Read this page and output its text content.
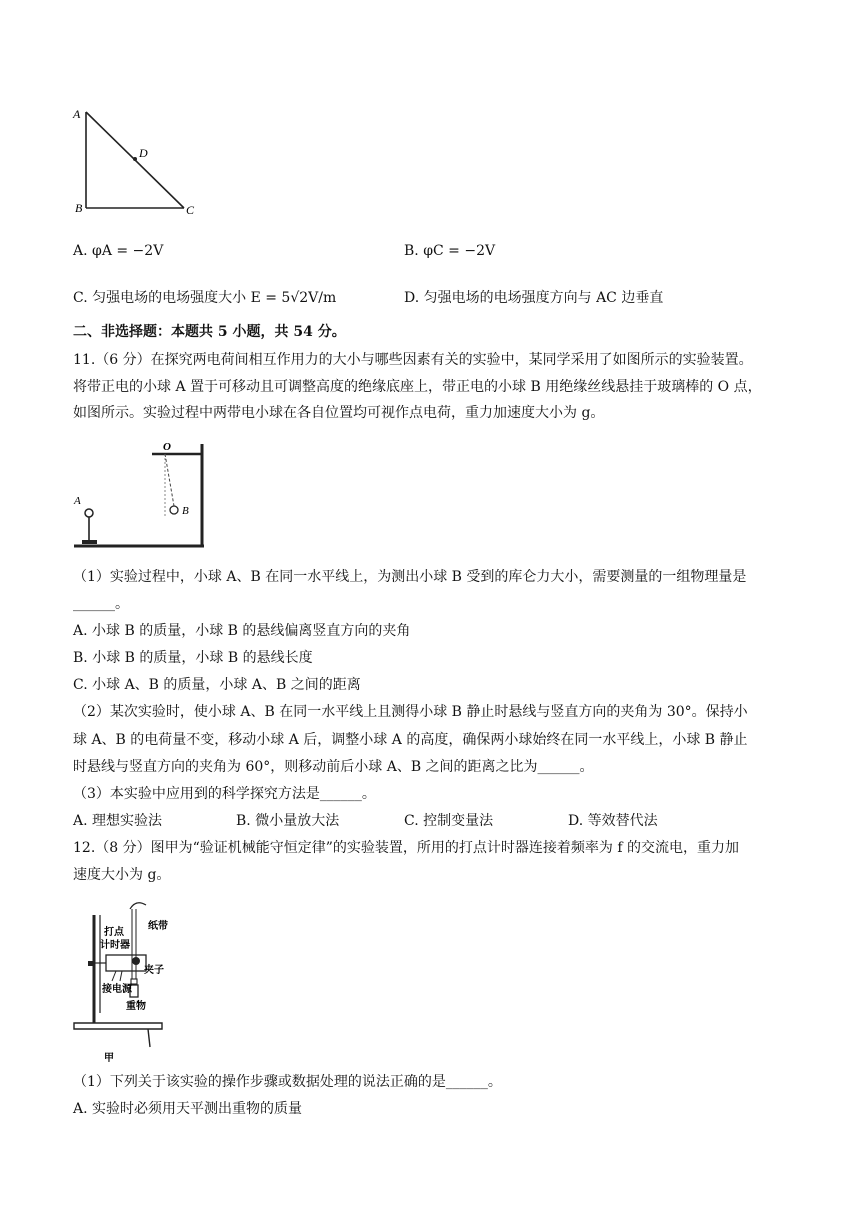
A
B	C
D
A. φA = −2V	B. φC = −2V
C. 匀强电场的电场强度大小 E = 5√2V/m	D. 匀强电场的电场强度方向与 AC 边垂直
二、非选择题：本题共 5 小题，共 54 分。
11.（6 分）在探究两电荷间相互作用力的大小与哪些因素有关的实验中，某同学采用了如图所示的实验装置。
将带正电的小球 A 置于可移动且可调整高度的绝缘底座上，带正电的小球 B 用绝缘丝线悬挂于玻璃棒的 O 点，
如图所示。实验过程中两带电小球在各自位置均可视作点电荷，重力加速度大小为 g。
O
A
B
（1）实验过程中，小球 A、B 在同一水平线上，为测出小球 B 受到的库仑力大小，需要测量的一组物理量是
______。
A. 小球 B 的质量，小球 B 的悬线偏离竖直方向的夹角
B. 小球 B 的质量，小球 B 的悬线长度
C. 小球 A、B 的质量，小球 A、B 之间的距离
（2）某次实验时，使小球 A、B 在同一水平线上且测得小球 B 静止时悬线与竖直方向的夹角为 30°。保持小
球 A、B 的电荷量不变，移动小球 A 后，调整小球 A 的高度，确保两小球始终在同一水平线上，小球 B 静止
时悬线与竖直方向的夹角为 60°，则移动前后小球 A、B 之间的距离之比为______。
（3）本实验中应用到的科学探究方法是______。
A. 理想实验法	B. 微小量放大法	C. 控制变量法	D. 等效替代法
12.（8 分）图甲为“验证机械能守恒定律”的实验装置，所用的打点计时器连接着频率为 f 的交流电，重力加
速度大小为 g。
打点
计时器
纸带
夹子
接电源
重物
甲
（1）下列关于该实验的操作步骤或数据处理的说法正确的是______。
A. 实验时必须用天平测出重物的质量
